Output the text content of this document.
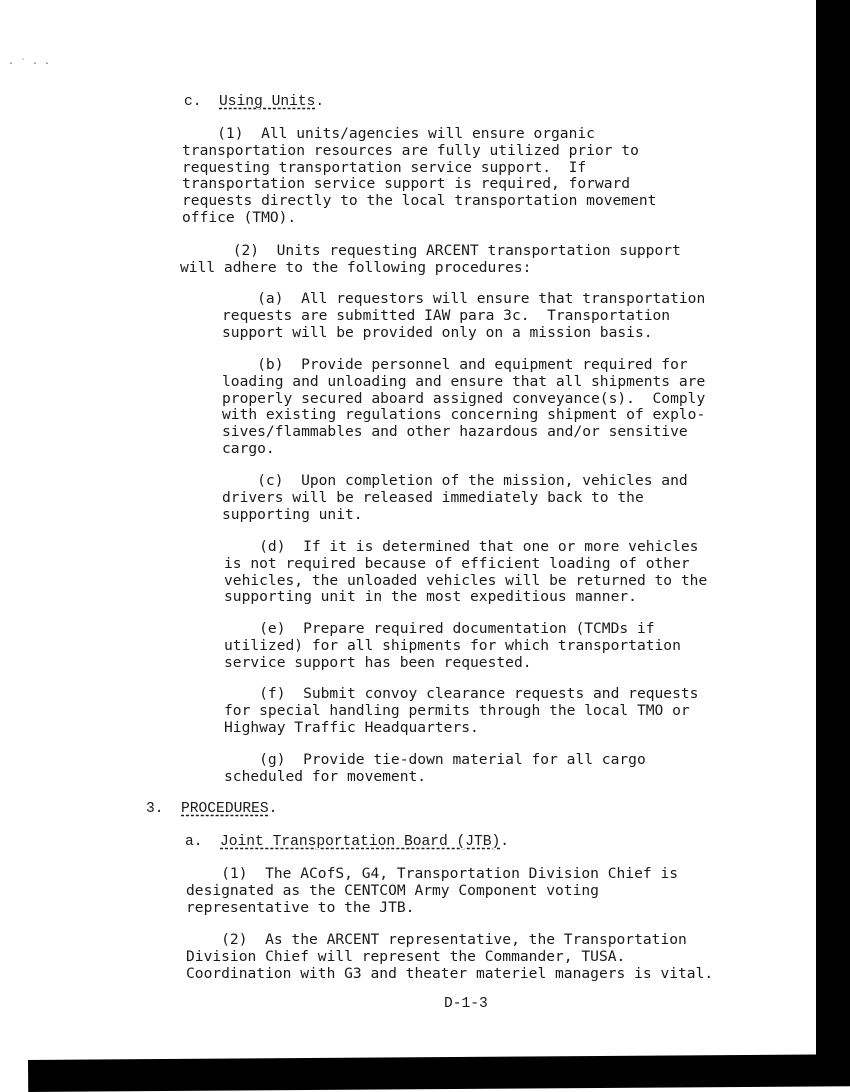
· ˙ · ·
c. Using Units.
(1)  All units/agencies will ensure organic
transportation resources are fully utilized prior to
requesting transportation service support.  If
transportation service support is required, forward
requests directly to the local transportation movement
office (TMO).
(2)  Units requesting ARCENT transportation support
will adhere to the following procedures:
(a)  All requestors will ensure that transportation
requests are submitted IAW para 3c.  Transportation
support will be provided only on a mission basis.
(b)  Provide personnel and equipment required for
loading and unloading and ensure that all shipments are
properly secured aboard assigned conveyance(s).  Comply
with existing regulations concerning shipment of explo-
sives/flammables and other hazardous and/or sensitive
cargo.
(c)  Upon completion of the mission, vehicles and
drivers will be released immediately back to the
supporting unit.
(d)  If it is determined that one or more vehicles
is not required because of efficient loading of other
vehicles, the unloaded vehicles will be returned to the
supporting unit in the most expeditious manner.
(e)  Prepare required documentation (TCMDs if
utilized) for all shipments for which transportation
service support has been requested.
(f)  Submit convoy clearance requests and requests
for special handling permits through the local TMO or
Highway Traffic Headquarters.
(g)  Provide tie-down material for all cargo
scheduled for movement.
3. PROCEDURES.
a. Joint Transportation Board (JTB).
(1)  The ACofS, G4, Transportation Division Chief is
designated as the CENTCOM Army Component voting
representative to the JTB.
(2)  As the ARCENT representative, the Transportation
Division Chief will represent the Commander, TUSA.
Coordination with G3 and theater materiel managers is vital.
D-1-3
